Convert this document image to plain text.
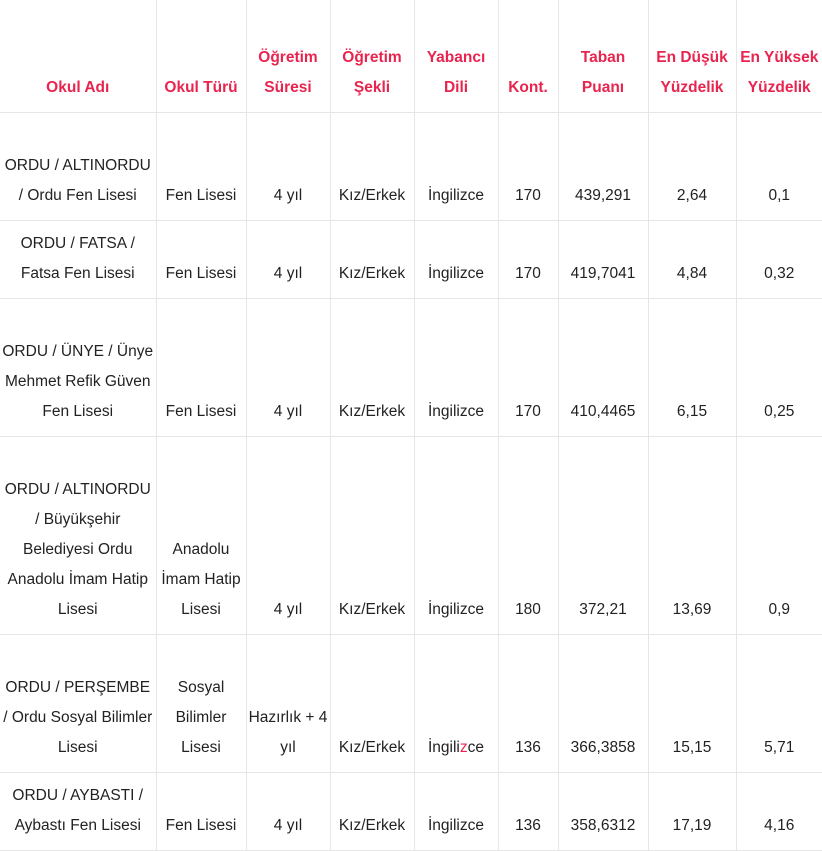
Okul Adı	Okul Türü	Öğretim Süresi	Öğretim Şekli	Yabancı Dili	Kont.	Taban Puanı	En Düşük Yüzdelik	En Yüksek Yüzdelik
ORDU / ALTINORDU / Ordu Fen Lisesi	Fen Lisesi	4 yıl	Kız/Erkek	İngilizce	170	439,291	2,64	0,1
ORDU / FATSA / Fatsa Fen Lisesi	Fen Lisesi	4 yıl	Kız/Erkek	İngilizce	170	419,7041	4,84	0,32
ORDU / ÜNYE / Ünye Mehmet Refik Güven Fen Lisesi	Fen Lisesi	4 yıl	Kız/Erkek	İngilizce	170	410,4465	6,15	0,25
ORDU / ALTINORDU / Büyükşehir Belediyesi Ordu Anadolu İmam Hatip Lisesi	Anadolu İmam Hatip Lisesi	4 yıl	Kız/Erkek	İngilizce	180	372,21	13,69	0,9
ORDU / PERŞEMBE / Ordu Sosyal Bilimler Lisesi	Sosyal Bilimler Lisesi	Hazırlık + 4 yıl	Kız/Erkek	İngilizce	136	366,3858	15,15	5,71
ORDU / AYBASTI / Aybastı Fen Lisesi	Fen Lisesi	4 yıl	Kız/Erkek	İngilizce	136	358,6312	17,19	4,16
